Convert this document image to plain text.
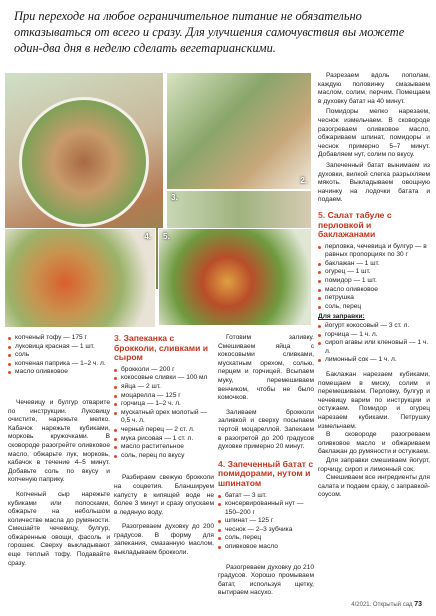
При переходе на любое ограничительное питание не обязательно отказываться от всего и сразу. Для улучшения самочувствия вы можете один-два дня в неделю сделать вегетарианскими.
2.
3.
4. 5.
копченый тофу — 175 г
луковица красная — 1 шт.
соль
копченая паприка — 1–2 ч. л.
масло оливковое

Чечевицу и булгур отварите по инструкции. Луковицу очистите, нарежьте мелко. Кабачок нарежьте кубиками, морковь кружочками. В сковороде разогрейте оливковое масло, обжарьте лук, морковь, кабачок в течение 4–5 минут. Добавьте соль по вкусу и копченую паприку.

Копченый сыр нарежьте кубиками или полосками, обжарьте на небольшом количестве масла до румяности. Смешайте чечевицу, булгур, обжаренные овощи, фасоль и горошек. Сверху выкладывают еще теплый тофу. Подавайте сразу.

3. Запеканка с брокколи, сливками и сыром
брокколи — 200 г
кокосовые сливки — 100 мл
яйца — 2 шт.
моцарелла — 125 г
горчица — 1–2 ч. л.
мускатный орех молотый — 0,5 ч. л.
черный перец — 2 ст. л.
мука рисовая — 1 ст. л.
масло растительное
соль, перец по вкусу

Разбираем свежую брокколи на соцветия. Бланшируем капусту в кипящей воде не более 3 минут и сразу опускаем в ледяную воду.

Разогреваем духовку до 200 градусов. В форму для запекания, смазанную маслом, выкладываем брокколи.

Готовим заливку. Смешиваем яйца с кокосовыми сливками, мускатным орехом, солью, перцем и горчицей. Всыпаем муку, перемешиваем венчиком, чтобы не было комочков.

Заливаем брокколи заливкой и сверху посыпаем тертой моцареллой. Запекаем в разогретой до 200 градусов духовке примерно 20 минут.

4. Запеченный батат с помидорами, нутом и шпинатом
батат — 3 шт.
консервированный нут — 150–200 г
шпинат — 125 г
чеснок — 2–3 зубчика
соль, перец
оливковое масло

Разогреваем духовку до 210 градусов. Хорошо промываем батат, используя щетку, вытираем насухо.

Разрезаем вдоль пополам, каждую половинку смазываем маслом, солим, перчим. Помещаем в духовку батат на 40 минут.

Помидоры мелко нарезаем, чеснок измельчаем. В сковороде разогреваем оливковое масло, обжариваем шпинат, помидоры и чеснок примерно 5–7 минут. Добавляем нут, солим по вкусу.

Запеченный батат вынимаем из духовки, вилкой слегка разрыхляем мякоть. Выкладываем овощную начинку на лодочки батата и подаем.

5. Салат табуле с перловкой и баклажанами
перловка, чечевица и булгур — в равных пропорциях по 30 г
баклажан — 1 шт.
огурец — 1 шт.
помидор — 1 шт.
масло оливковое
петрушка
соль, перец
Для заправки:
йогурт кокосовый — 3 ст. л.
горчица — 1 ч. л.
сироп агавы или кленовый — 1 ч. л.
лимонный сок — 1 ч. л.

Баклажан нарезаем кубиками, помещаем в миску, солим и перемешиваем. Перловку, булгур и чечевицу варим по инструкции и остужаем. Помидор и огурец нарезаем кубиками. Петрушку измельчаем.

В сковороде разогреваем оливковое масло и обжариваем баклажан до румяности и остужаем.

Для заправки смешиваем йогурт, горчицу, сироп и лимонный сок.

Смешиваем все ингредиенты для салата и подаем сразу, с заправкой-соусом.

4/2021. Открытый сад 73
